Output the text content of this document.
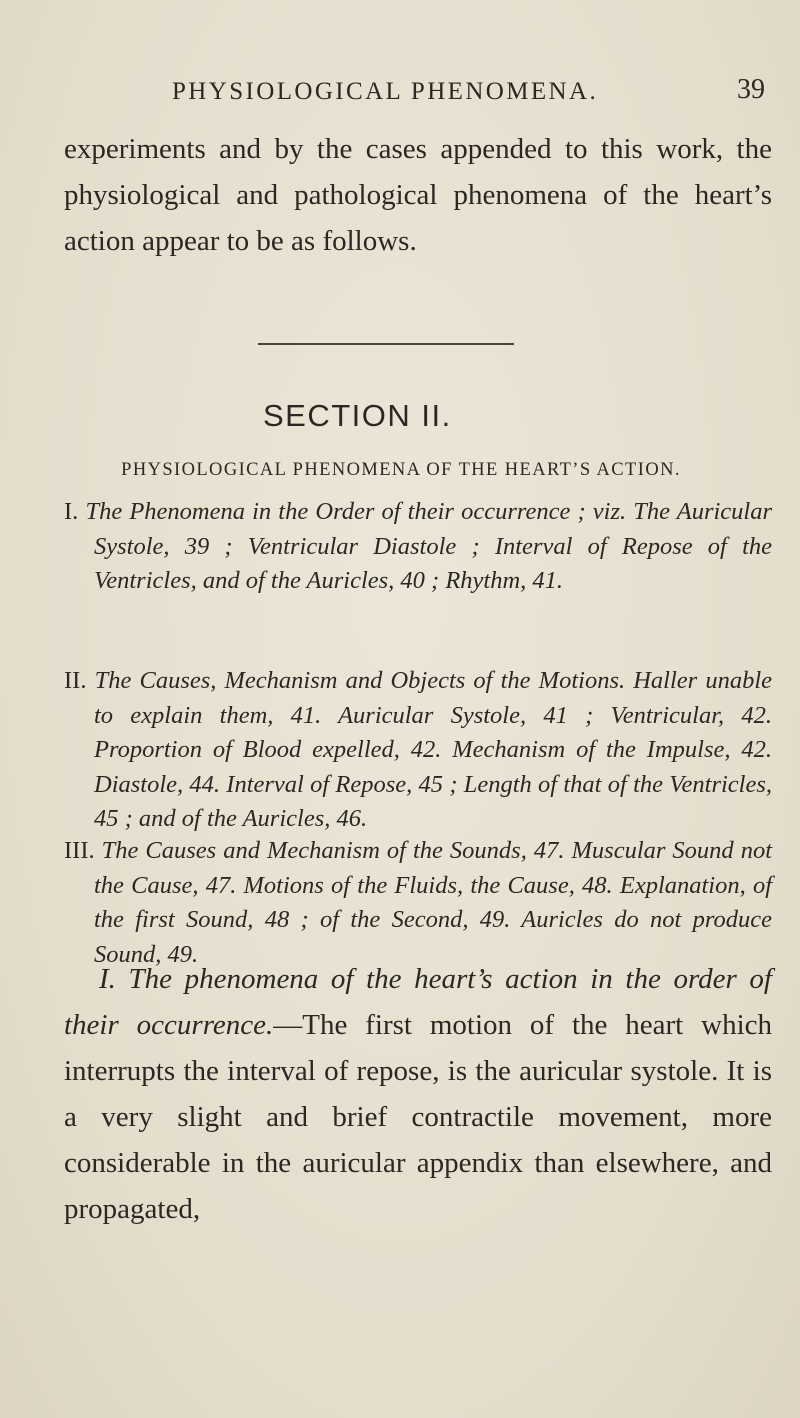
PHYSIOLOGICAL PHENOMENA.	39

experiments and by the cases appended to this work, the physiological and pathological phenomena of the heart’s action appear to be as follows.

SECTION II.
PHYSIOLOGICAL PHENOMENA OF THE HEART’S ACTION.

I. The Phenomena in the Order of their occurrence ; viz. The Auricular Systole, 39 ; Ventricular Diastole ; Interval of Repose of the Ventricles, and of the Auricles, 40 ; Rhythm, 41.

II. The Causes, Mechanism and Objects of the Motions. Haller unable to explain them, 41. Auricular Systole, 41 ; Ventricular, 42. Proportion of Blood expelled, 42. Mechanism of the Impulse, 42. Diastole, 44. Interval of Repose, 45 ; Length of that of the Ventricles, 45 ; and of the Auricles, 46.

III. The Causes and Mechanism of the Sounds, 47. Muscular Sound not the Cause, 47. Motions of the Fluids, the Cause, 48. Explanation, of the first Sound, 48 ; of the Second, 49. Auricles do not produce Sound, 49.

I. The phenomena of the heart’s action in the order of their occurrence.—The first motion of the heart which interrupts the interval of repose, is the auricular systole. It is a very slight and brief contractile movement, more considerable in the auricular appendix than elsewhere, and propagated,
